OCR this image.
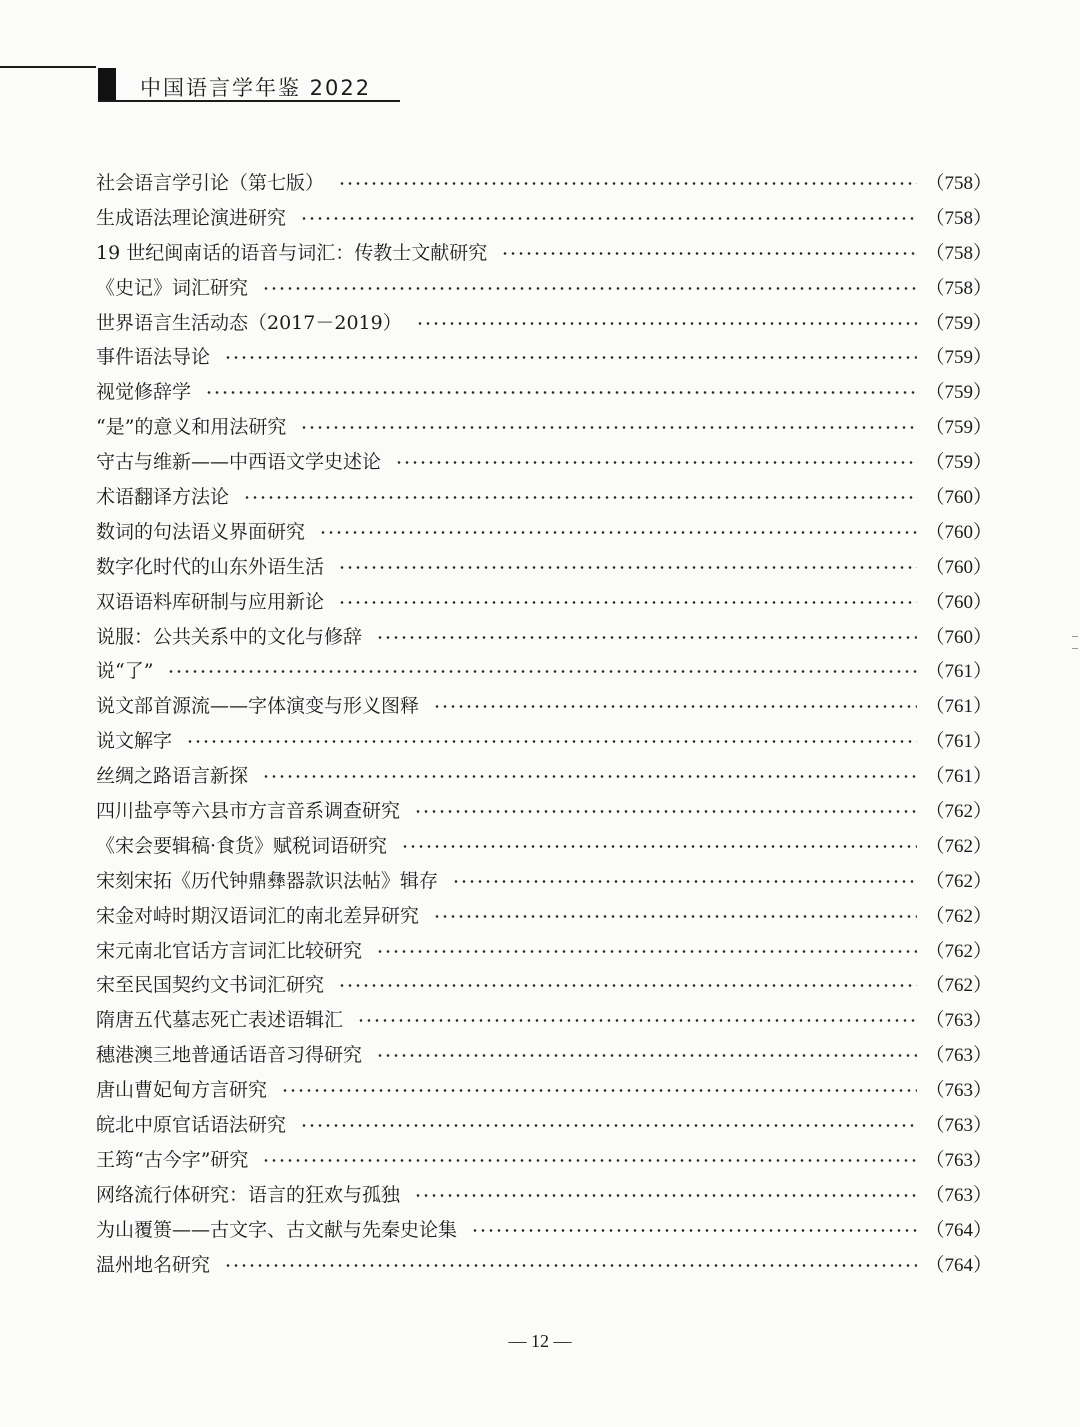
中国语言学年鉴 2022
社会语言学引论（第七版）	（758）
生成语法理论演进研究	（758）
19 世纪闽南话的语音与词汇：传教士文献研究	（758）
《史记》词汇研究	（758）
世界语言生活动态（2017－2019）	（759）
事件语法导论	（759）
视觉修辞学	（759）
“是”的意义和用法研究	（759）
守古与维新——中西语文学史述论	（759）
术语翻译方法论	（760）
数词的句法语义界面研究	（760）
数字化时代的山东外语生活	（760）
双语语料库研制与应用新论	（760）
说服：公共关系中的文化与修辞	（760）
说“了”	（761）
说文部首源流——字体演变与形义图释	（761）
说文解字	（761）
丝绸之路语言新探	（761）
四川盐亭等六县市方言音系调查研究	（762）
《宋会要辑稿·食货》赋税词语研究	（762）
宋刻宋拓《历代钟鼎彝器款识法帖》辑存	（762）
宋金对峙时期汉语词汇的南北差异研究	（762）
宋元南北官话方言词汇比较研究	（762）
宋至民国契约文书词汇研究	（762）
隋唐五代墓志死亡表述语辑汇	（763）
穗港澳三地普通话语音习得研究	（763）
唐山曹妃甸方言研究	（763）
皖北中原官话语法研究	（763）
王筠“古今字”研究	（763）
网络流行体研究：语言的狂欢与孤独	（763）
为山覆篑——古文字、古文献与先秦史论集	（764）
温州地名研究	（764）
— 12 —
